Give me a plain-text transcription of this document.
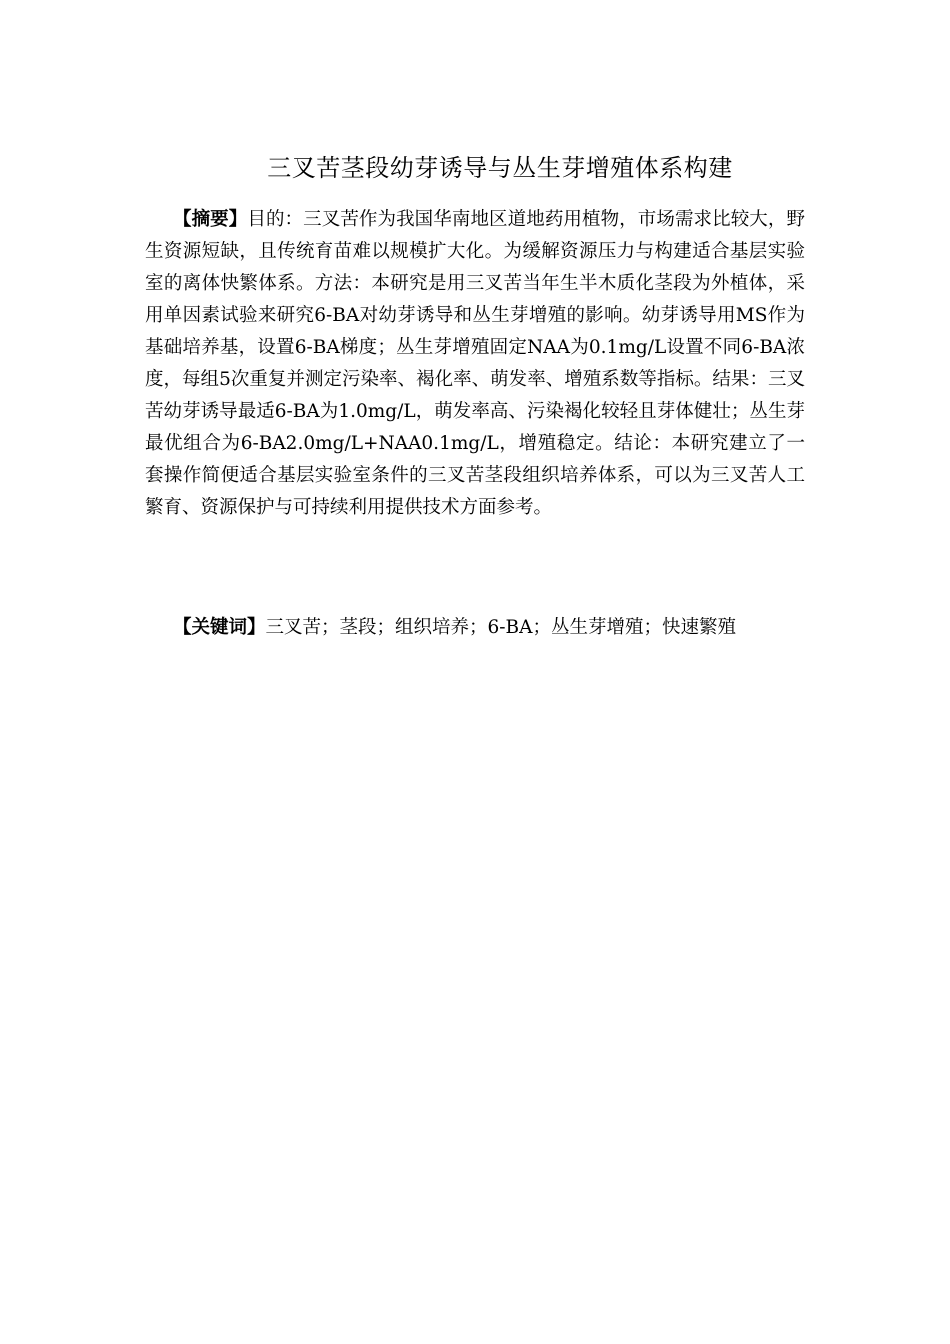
三叉苦茎段幼芽诱导与丛生芽增殖体系构建

【摘要】目的：三叉苦作为我国华南地区道地药用植物，市场需求比较大，野生资源短缺，且传统育苗难以规模扩大化。为缓解资源压力与构建适合基层实验室的离体快繁体系。方法：本研究是用三叉苦当年生半木质化茎段为外植体，采用单因素试验来研究6-BA对幼芽诱导和丛生芽增殖的影响。幼芽诱导用MS作为基础培养基，设置6-BA梯度；丛生芽增殖固定NAA为0.1mg/L设置不同6-BA浓度，每组5次重复并测定污染率、褐化率、萌发率、增殖系数等指标。结果：三叉苦幼芽诱导最适6-BA为1.0mg/L，萌发率高、污染褐化较轻且芽体健壮；丛生芽最优组合为6-BA2.0mg/L+NAA0.1mg/L，增殖稳定。结论：本研究建立了一套操作简便适合基层实验室条件的三叉苦茎段组织培养体系，可以为三叉苦人工繁育、资源保护与可持续利用提供技术方面参考。

【关键词】三叉苦；茎段；组织培养；6-BA；丛生芽增殖；快速繁殖
